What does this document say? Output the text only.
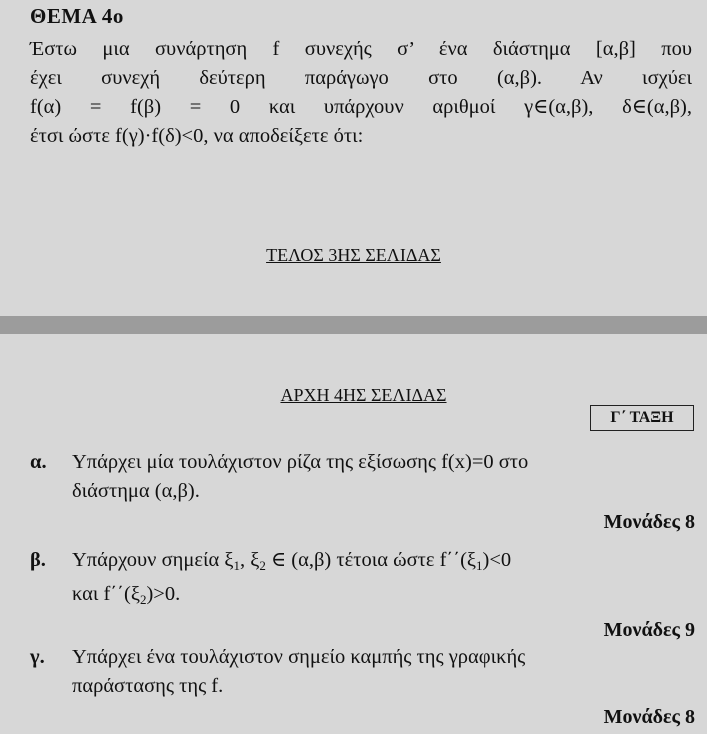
ΘΕΜΑ 4ο
Έστω μια συνάρτηση f συνεχής σ’ ένα διάστημα [α,β] που
έχει συνεχή δεύτερη παράγωγο στο (α,β). Αν ισχύει
f(α) = f(β) = 0 και υπάρχουν αριθμοί γ∈(α,β), δ∈(α,β),
έτσι ώστε f(γ)·f(δ)<0, να αποδείξετε ότι:
ΤΕΛΟΣ 3ΗΣ ΣΕΛΙΔΑΣ
ΑΡΧΗ 4ΗΣ ΣΕΛΙΔΑΣ
Γ΄ ΤΑΞΗ
α. Υπάρχει μία τουλάχιστον ρίζα της εξίσωσης f(x)=0 στο
διάστημα (α,β).
Μονάδες 8
β. Υπάρχουν σημεία $\xi_1$, $\xi_2$ ∈ (α,β) τέτοια ώστε $f΄΄(\xi_1)<0$
και $f΄΄(\xi_2)>0$.
Μονάδες 9
γ. Υπάρχει ένα τουλάχιστον σημείο καμπής της γραφικής
παράστασης της f.
Μονάδες 8
